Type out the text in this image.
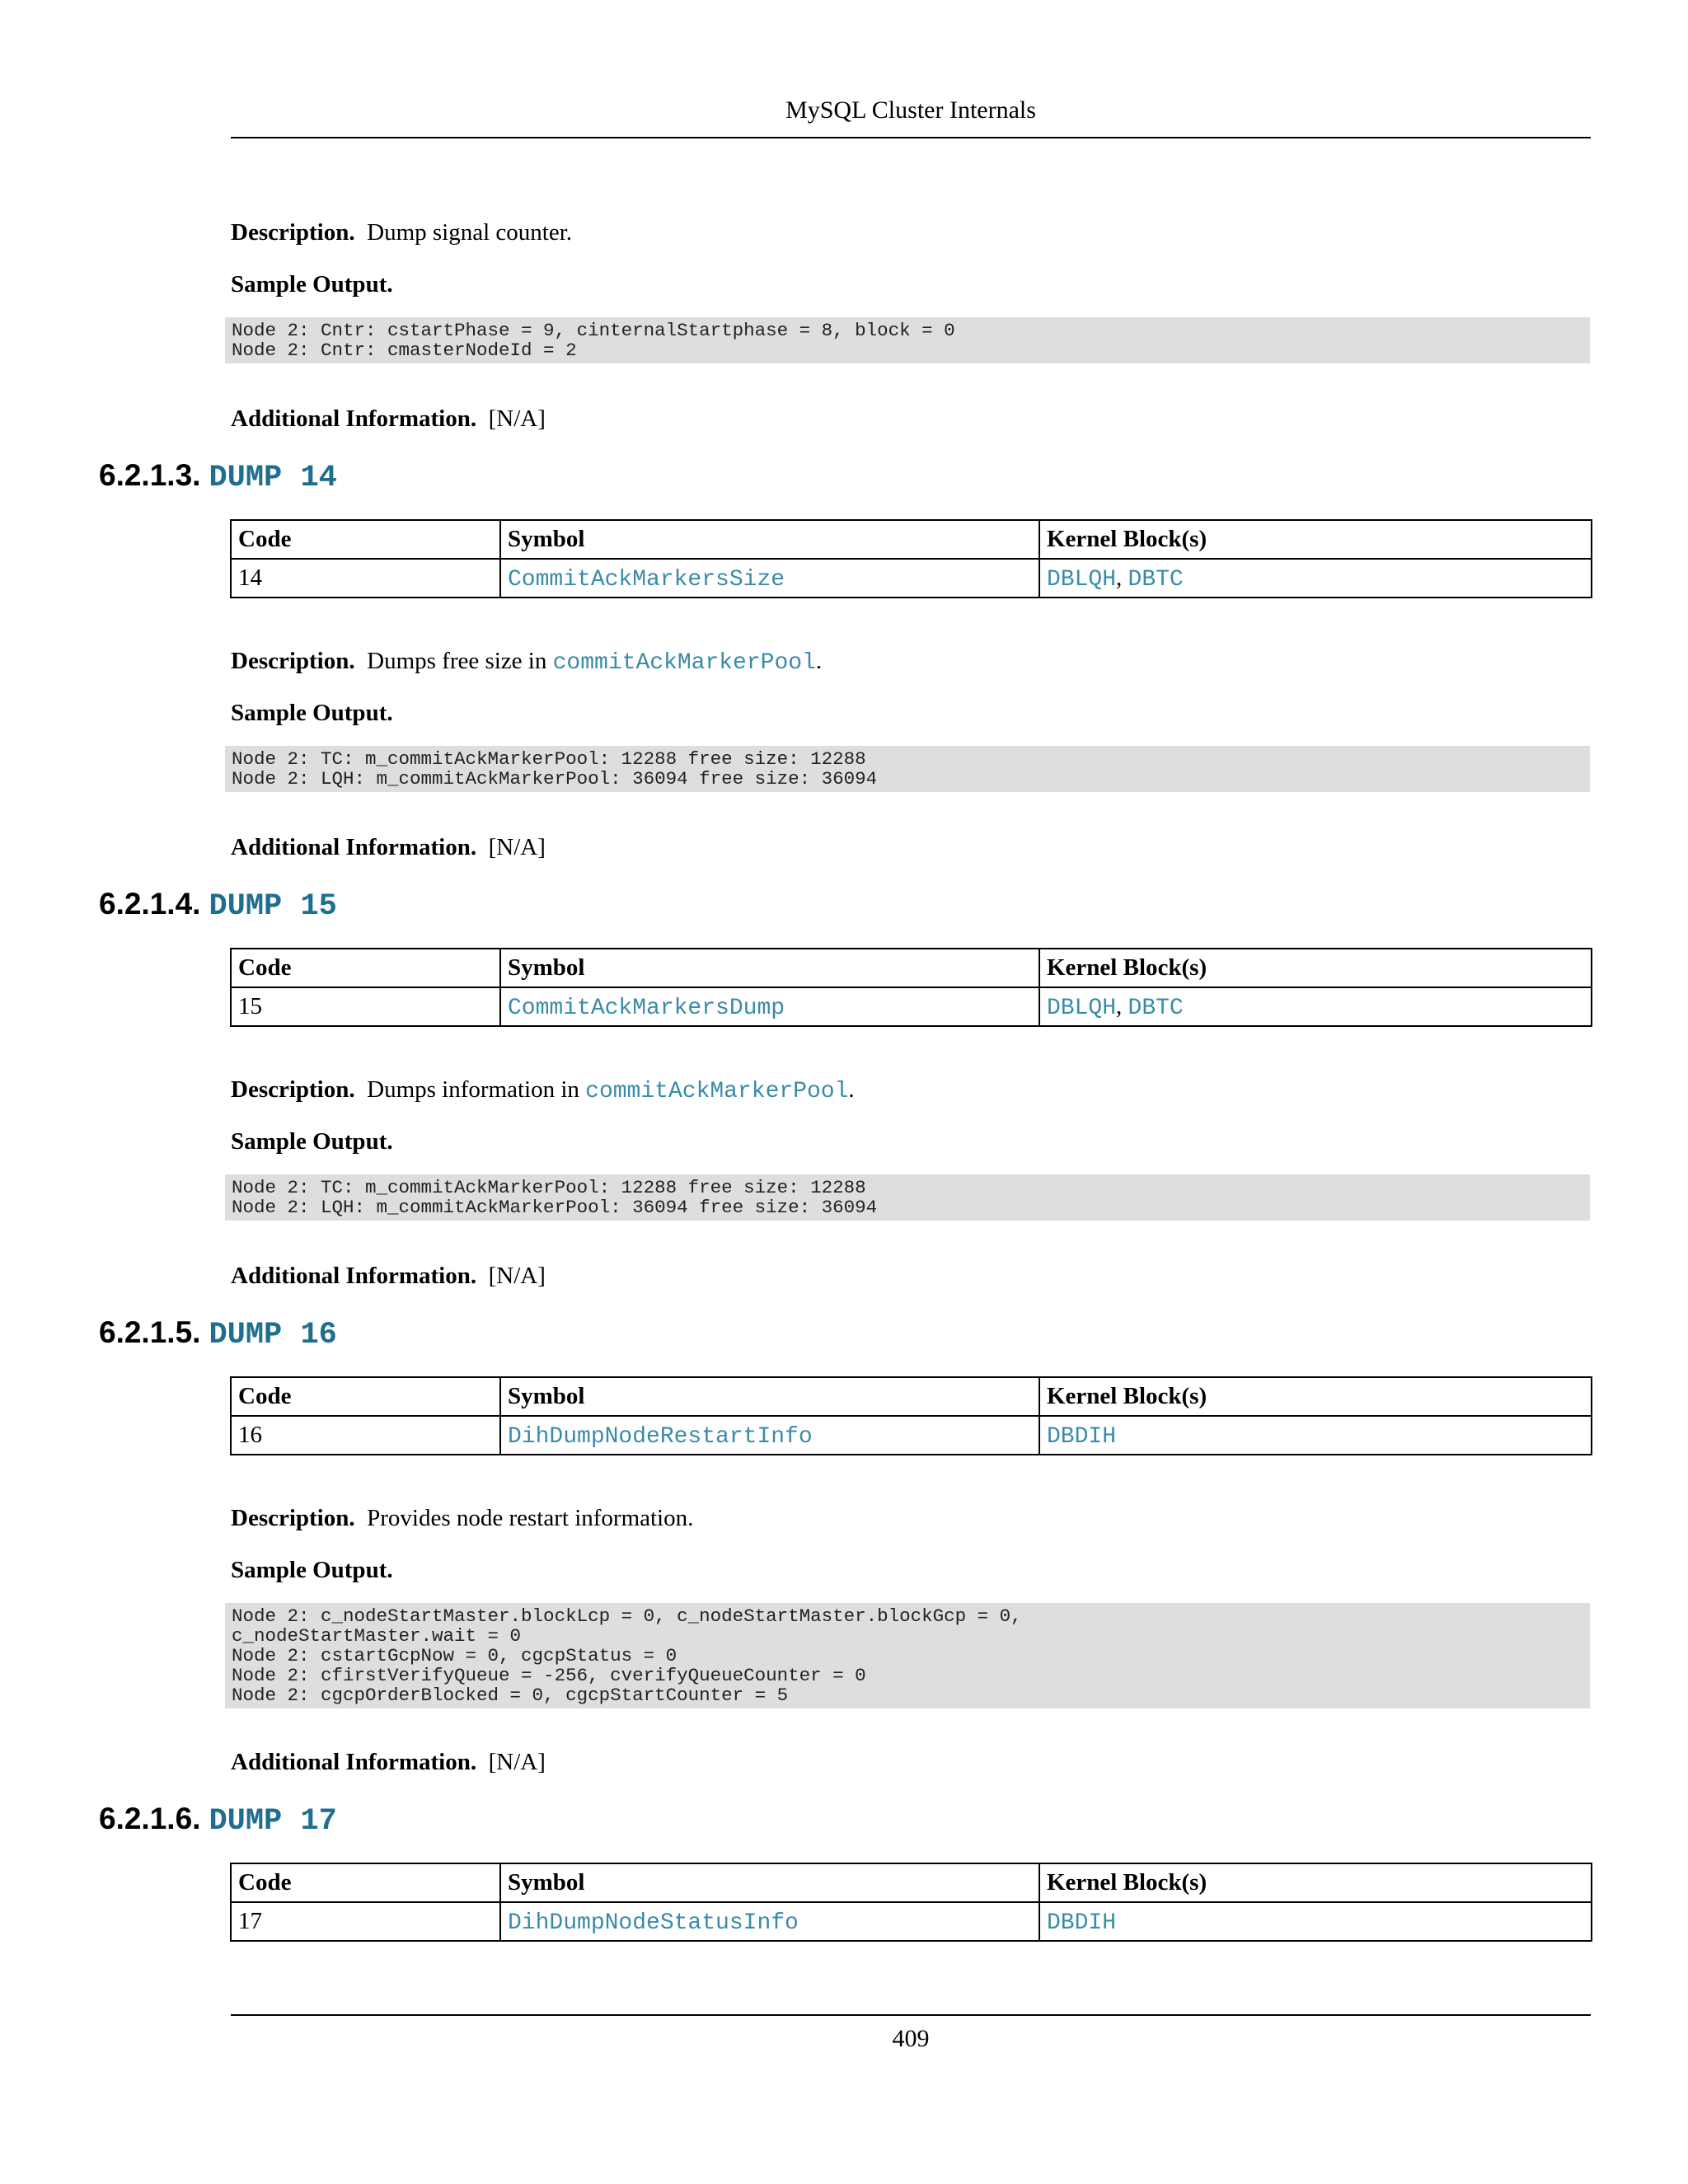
MySQL Cluster Internals
Description. Dump signal counter.
Sample Output.
Node 2: Cntr: cstartPhase = 9, cinternalStartphase = 8, block = 0
Node 2: Cntr: cmasterNodeId = 2
Additional Information. [N/A]
6.2.1.3. DUMP 14
Code	Symbol	Kernel Block(s)
14	CommitAckMarkersSize	DBLQH, DBTC
Description. Dumps free size in commitAckMarkerPool.
Sample Output.
Node 2: TC: m_commitAckMarkerPool: 12288 free size: 12288
Node 2: LQH: m_commitAckMarkerPool: 36094 free size: 36094
Additional Information. [N/A]
6.2.1.4. DUMP 15
Code	Symbol	Kernel Block(s)
15	CommitAckMarkersDump	DBLQH, DBTC
Description. Dumps information in commitAckMarkerPool.
Sample Output.
Node 2: TC: m_commitAckMarkerPool: 12288 free size: 12288
Node 2: LQH: m_commitAckMarkerPool: 36094 free size: 36094
Additional Information. [N/A]
6.2.1.5. DUMP 16
Code	Symbol	Kernel Block(s)
16	DihDumpNodeRestartInfo	DBDIH
Description. Provides node restart information.
Sample Output.
Node 2: c_nodeStartMaster.blockLcp = 0, c_nodeStartMaster.blockGcp = 0,
c_nodeStartMaster.wait = 0
Node 2: cstartGcpNow = 0, cgcpStatus = 0
Node 2: cfirstVerifyQueue = -256, cverifyQueueCounter = 0
Node 2: cgcpOrderBlocked = 0, cgcpStartCounter = 5
Additional Information. [N/A]
6.2.1.6. DUMP 17
Code	Symbol	Kernel Block(s)
17	DihDumpNodeStatusInfo	DBDIH
409
